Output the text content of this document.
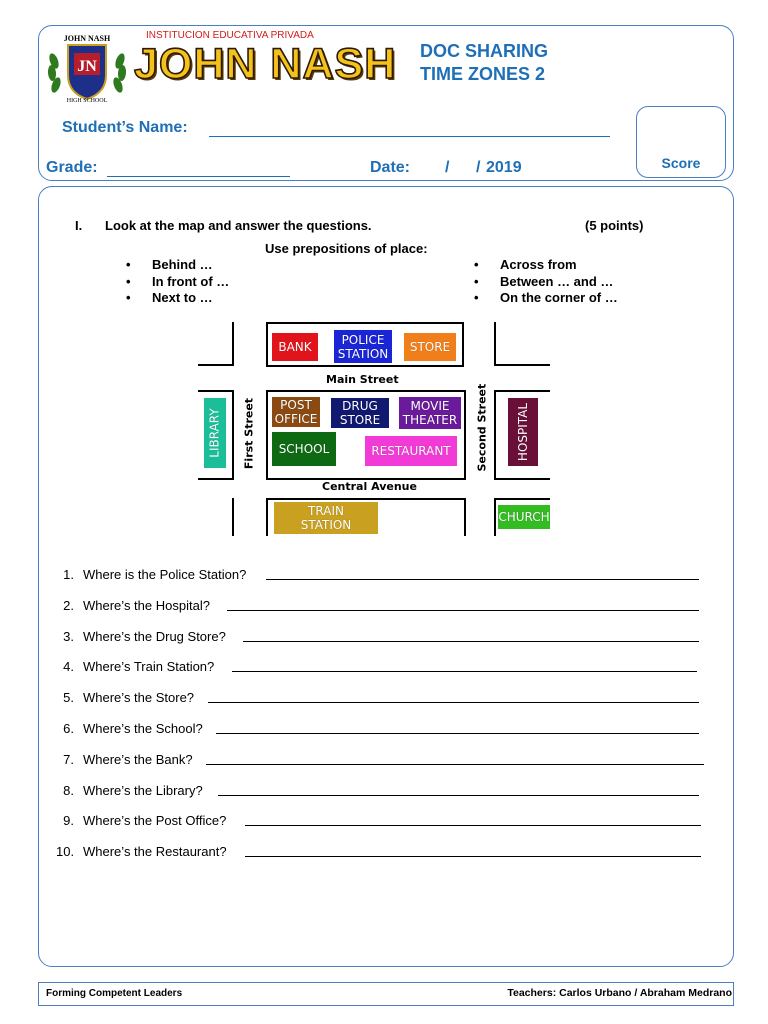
JN
JOHN NASH
HIGH SCHOOL
INSTITUCION EDUCATIVA PRIVADA
JOHN NASH DOC SHARING
TIME ZONES 2
Score
Student’s Name:
Grade:	Date: / / 2019
I. Look at the map and answer the questions.	(5 points)
Use prepositions of place:
• Behind …
• In front of …
• Next to …
• Across from
• Between … and …
• On the corner of …
BANK
POLICE
STATION STORE
Main Street
LIBRARY First Street POST
OFFICE
DRUG
STORE
MOVIE
THEATER
SCHOOL	RESTAURANT Second Street HOSPITAL
Central Avenue
TRAIN
STATION
CHURCH
1. Where is the Police Station?
2. Where’s the Hospital?
3. Where’s the Drug Store?
4. Where’s Train Station?
5. Where’s the Store?
6. Where’s the School?
7. Where’s the Bank?
8. Where’s the Library?
9. Where’s the Post Office?
10. Where’s the Restaurant?
Forming Competent Leaders	Teachers: Carlos Urbano / Abraham Medrano
